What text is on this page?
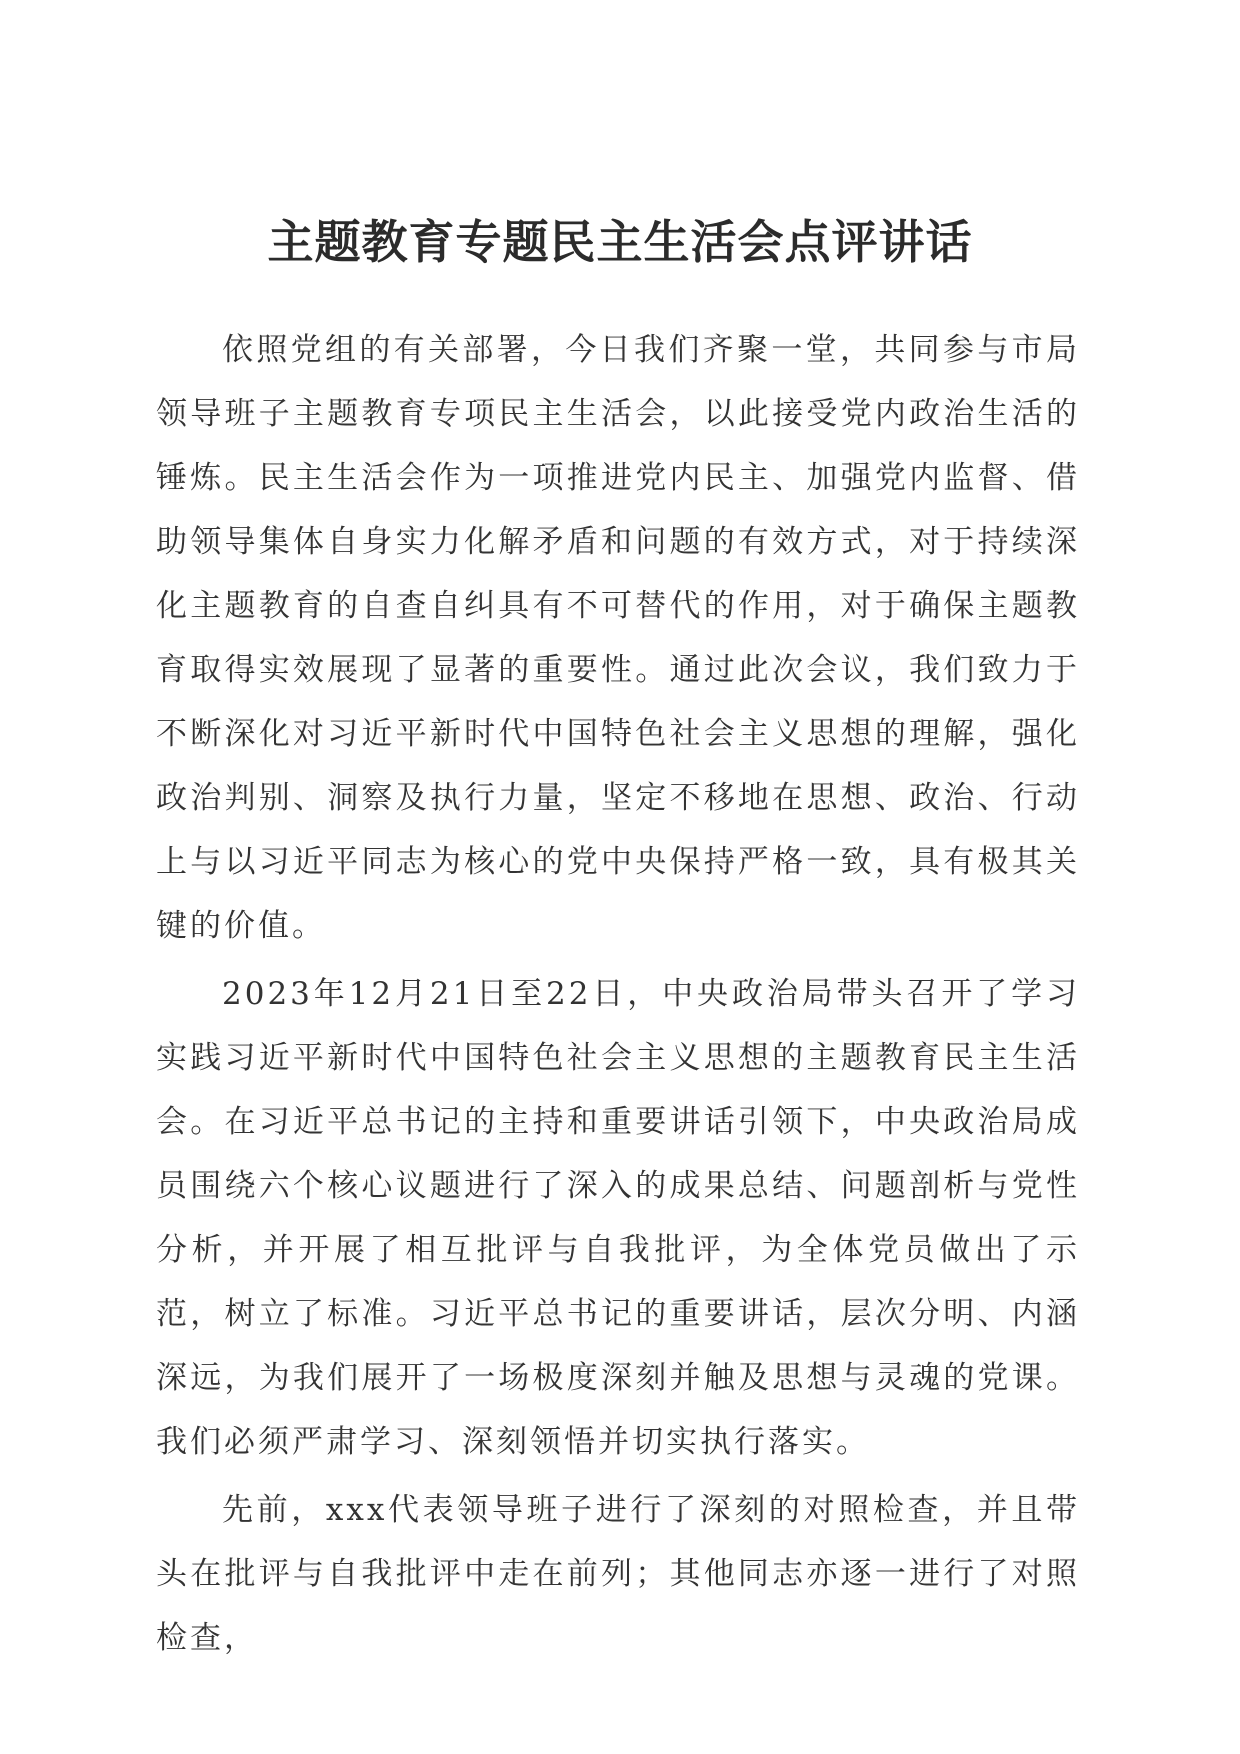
主题教育专题民主生活会点评讲话

依照党组的有关部署，今日我们齐聚一堂，共同参与市局领导班子主题教育专项民主生活会，以此接受党内政治生活的锤炼。民主生活会作为一项推进党内民主、加强党内监督、借助领导集体自身实力化解矛盾和问题的有效方式，对于持续深化主题教育的自查自纠具有不可替代的作用，对于确保主题教育取得实效展现了显著的重要性。通过此次会议，我们致力于不断深化对习近平新时代中国特色社会主义思想的理解，强化政治判别、洞察及执行力量，坚定不移地在思想、政治、行动上与以习近平同志为核心的党中央保持严格一致，具有极其关键的价值。

2023年12月21日至22日，中央政治局带头召开了学习实践习近平新时代中国特色社会主义思想的主题教育民主生活会。在习近平总书记的主持和重要讲话引领下，中央政治局成员围绕六个核心议题进行了深入的成果总结、问题剖析与党性分析，并开展了相互批评与自我批评，为全体党员做出了示范，树立了标准。习近平总书记的重要讲话，层次分明、内涵深远，为我们展开了一场极度深刻并触及思想与灵魂的党课。我们必须严肃学习、深刻领悟并切实执行落实。

先前，xxx代表领导班子进行了深刻的对照检查，并且带头在批评与自我批评中走在前列；其他同志亦逐一进行了对照检查，
